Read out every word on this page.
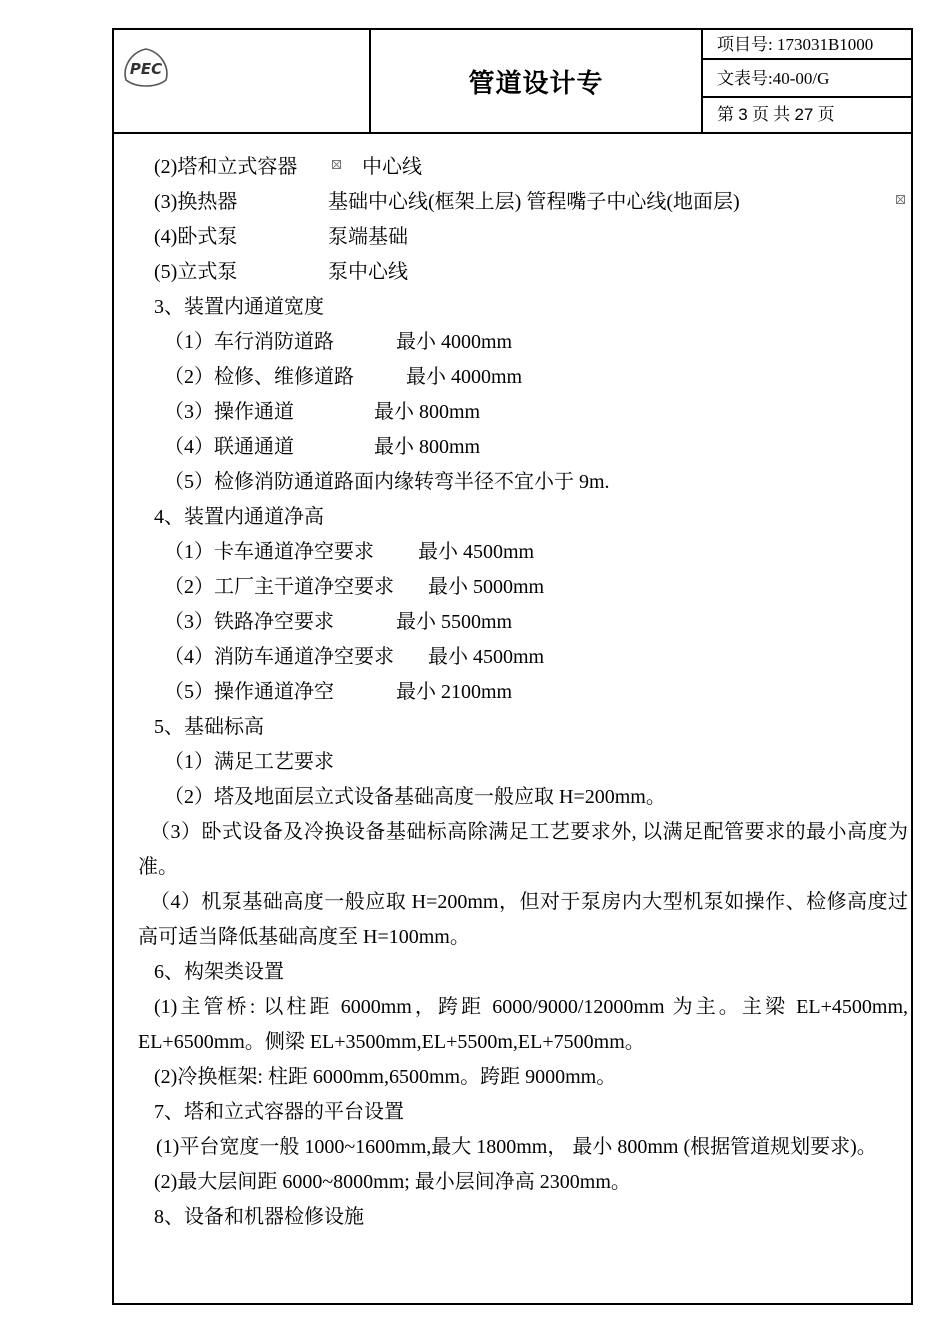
PEC	管道设计专
项目号: 173031B1000
文表号:40-00/G
第 3 页 共 27 页
(2)塔和立式容器	中心线
(3)换热器	基础中心线(框架上层) 管程嘴子中心线(地面层)
(4)卧式泵	泵端基础
(5)立式泵	泵中心线
3、装置内通道宽度
（1）车行消防道路	最小 4000mm
（2）检修、维修道路	最小 4000mm
（3）操作通道	最小 800mm
（4）联通通道	最小 800mm
（5）检修消防通道路面内缘转弯半径不宜小于 9m.
4、装置内通道净高
（1）卡车通道净空要求 最小 4500mm
（2）工厂主干道净空要求 最小 5000mm
（3）铁路净空要求	最小 5500mm
（4）消防车通道净空要求 最小 4500mm
（5）操作通道净空	最小 2100mm
5、基础标高
（1）满足工艺要求
（2）塔及地面层立式设备基础高度一般应取 H=200mm。
（3）卧式设备及冷换设备基础标高除满足工艺要求外, 以满足配管要求的最小高度为准。
（4）机泵基础高度一般应取 H=200mm，但对于泵房内大型机泵如操作、检修高度过高可适当降低基础高度至 H=100mm。
6、构架类设置
(1)主管桥: 以柱距 6000mm，跨距 6000/9000/12000mm 为主。主梁 EL+4500mm, EL+6500mm。侧梁 EL+3500mm,EL+5500m,EL+7500mm。
(2)冷换框架: 柱距 6000mm,6500mm。跨距 9000mm。
7、塔和立式容器的平台设置
(1)平台宽度一般 1000~1600mm,最大 1800mm， 最小 800mm (根据管道规划要求)。
(2)最大层间距 6000~8000mm; 最小层间净高 2300mm。
8、设备和机器检修设施
